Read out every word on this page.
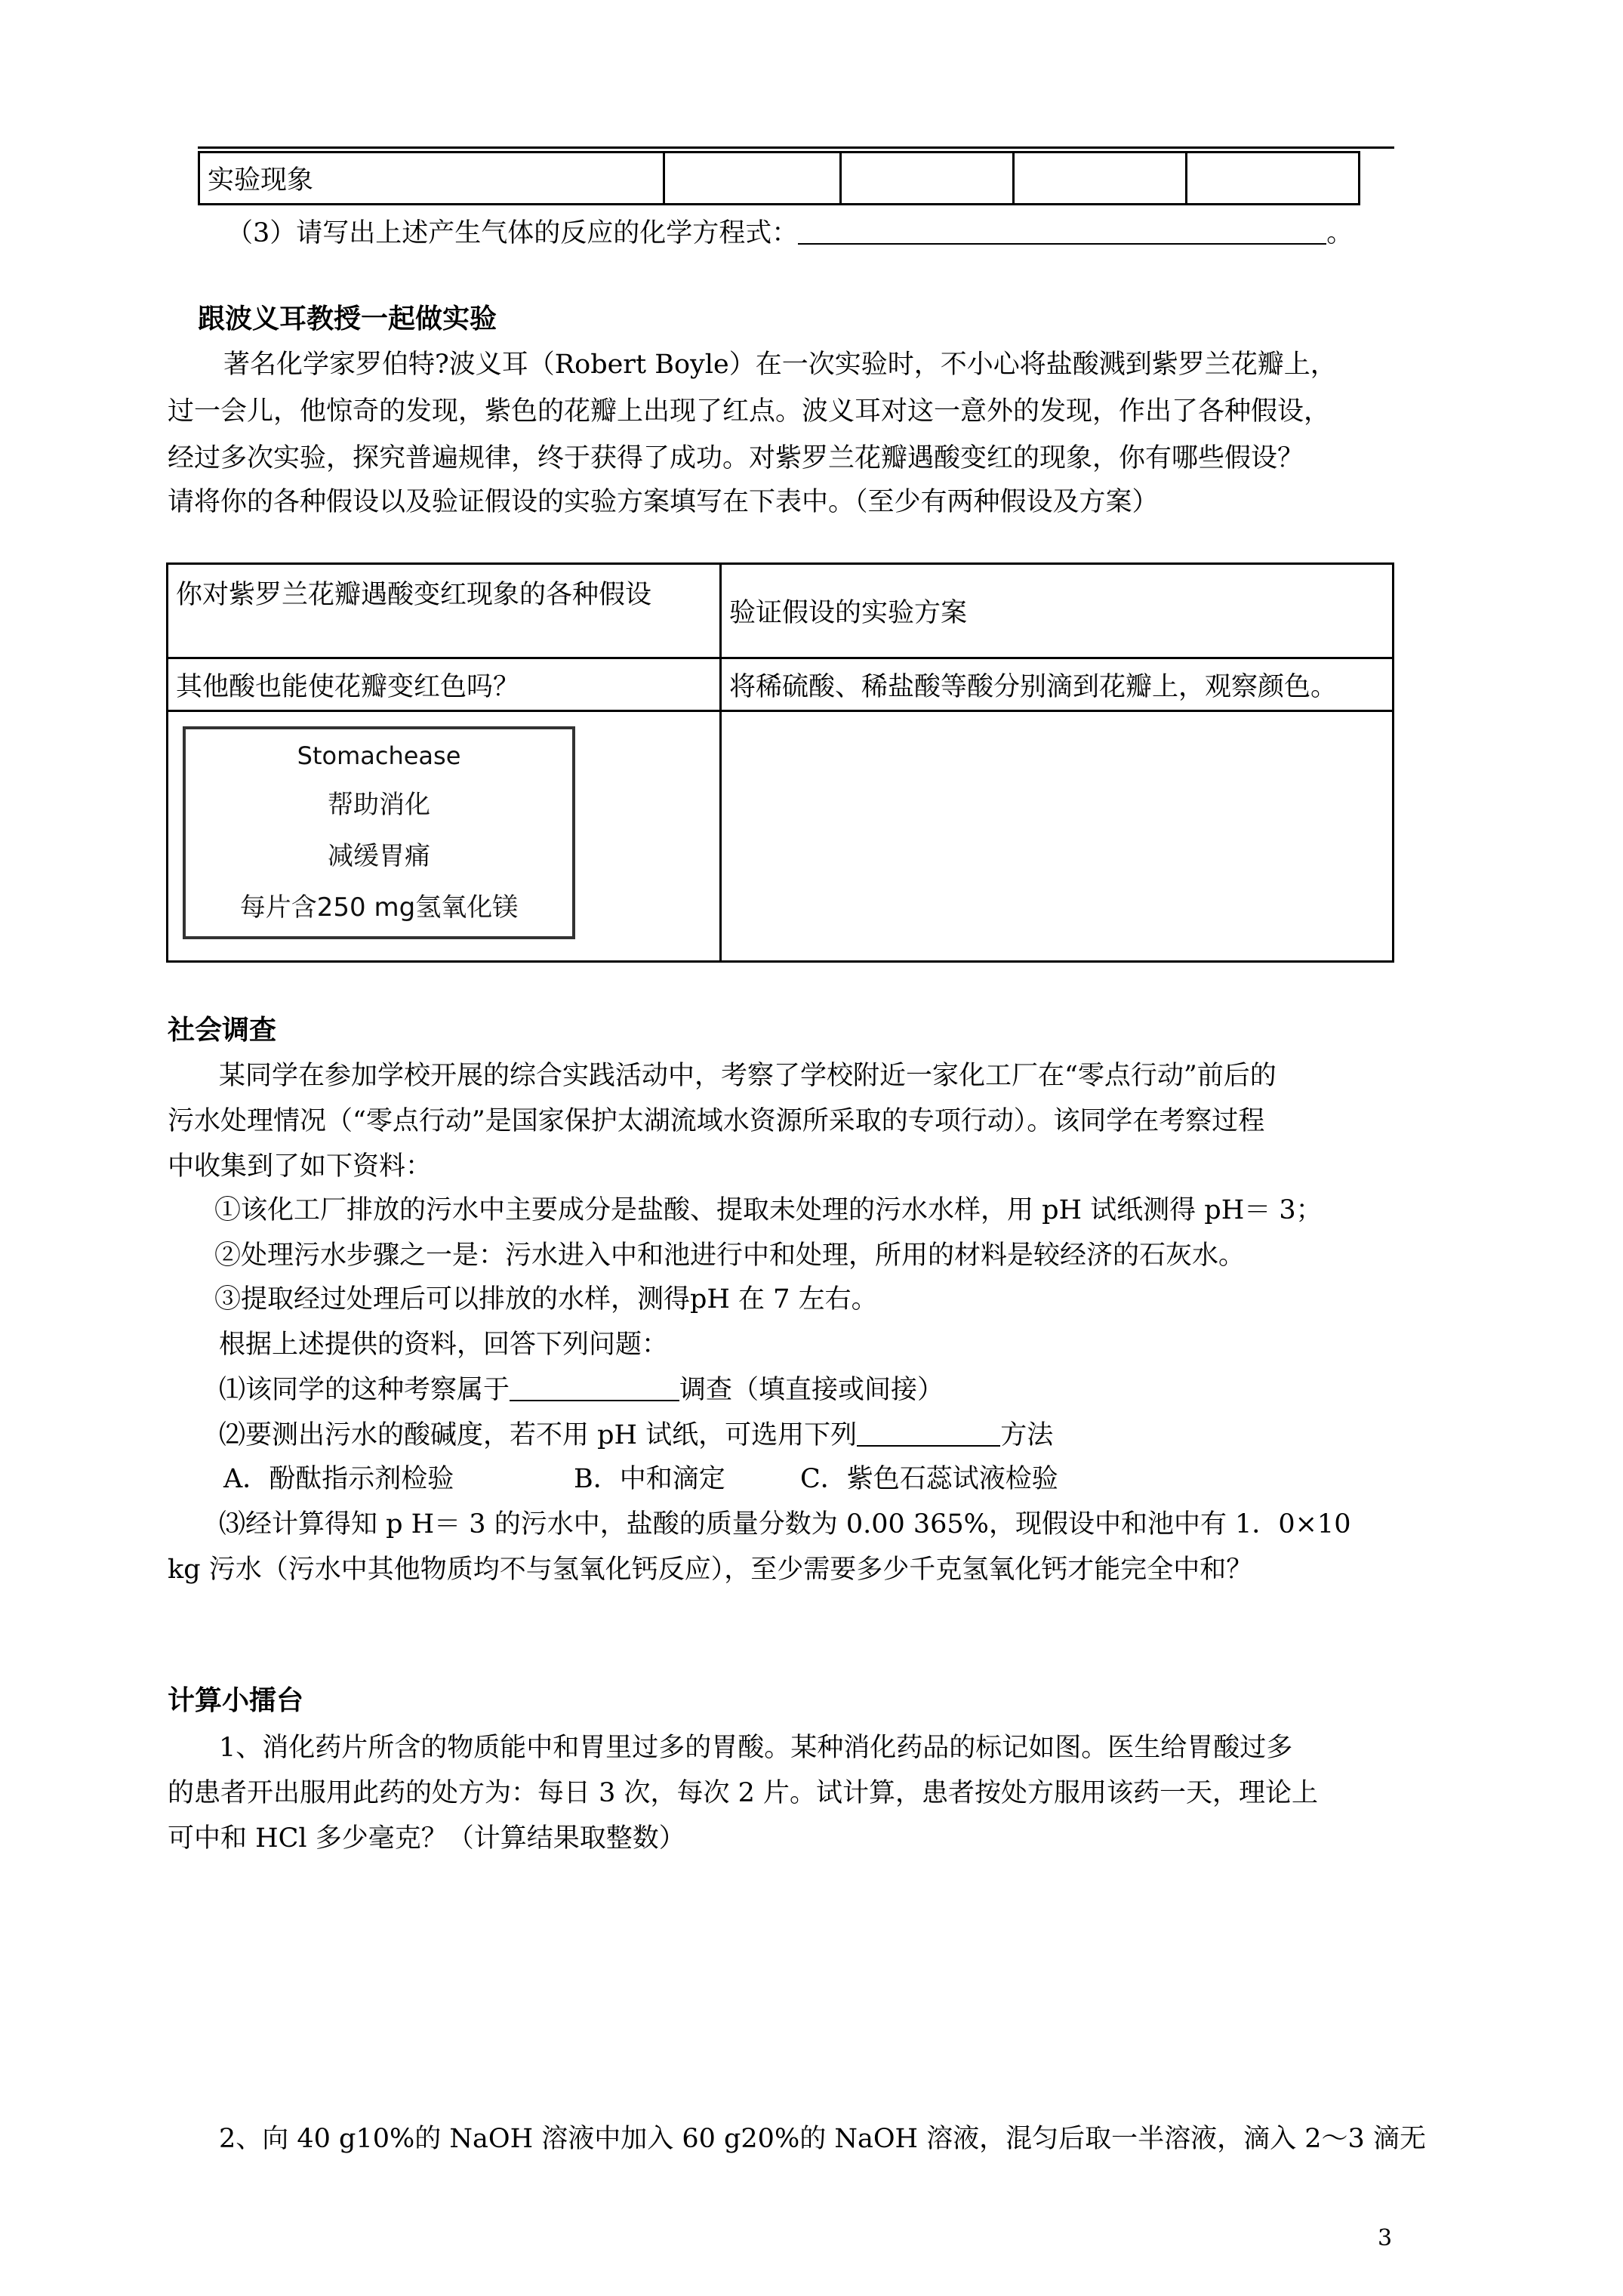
实验现象				
（3）请写出上述产生气体的反应的化学方程式：	。
跟波义耳教授一起做实验
著名化学家罗伯特?波义耳（Robert Boyle）在一次实验时，不小心将盐酸溅到紫罗兰花瓣上，
过一会儿，他惊奇的发现，紫色的花瓣上出现了红点。波义耳对这一意外的发现，作出了各种假设，
经过多次实验，探究普遍规律，终于获得了成功。对紫罗兰花瓣遇酸变红的现象，你有哪些假设？
请将你的各种假设以及验证假设的实验方案填写在下表中。（至少有两种假设及方案）
你对紫罗兰花瓣遇酸变红现象的各种假设	验证假设的实验方案
其他酸也能使花瓣变红色吗？	将稀硫酸、稀盐酸等酸分别滴到花瓣上，观察颜色。

Stomachease
帮助消化
减缓胃痛
每片含250 mg氢氧化镁
社会调查
某同学在参加学校开展的综合实践活动中，考察了学校附近一家化工厂在“零点行动”前后的
污水处理情况（“零点行动”是国家保护太湖流域水资源所采取的专项行动）。该同学在考察过程
中收集到了如下资料：
①该化工厂排放的污水中主要成分是盐酸、提取未处理的污水水样，用 pH 试纸测得 pH＝ 3；
②处理污水步骤之一是：污水进入中和池进行中和处理，所用的材料是较经济的石灰水。
③提取经过处理后可以排放的水样，测得pH 在 7 左右。
根据上述提供的资料，回答下列问题：
⑴该同学的这种考察属于	调查（填直接或间接）
⑵要测出污水的酸碱度，若不用 pH 试纸，可选用下列	方法
A．酚酞指示剂检验	B．中和滴定	C．紫色石蕊试液检验
⑶经计算得知 p H＝ 3 的污水中，盐酸的质量分数为 0.00 365%，现假设中和池中有 1．0×10
kg 污水（污水中其他物质均不与氢氧化钙反应），至少需要多少千克氢氧化钙才能完全中和？
计算小擂台
1、消化药片所含的物质能中和胃里过多的胃酸。某种消化药品的标记如图。医生给胃酸过多
的患者开出服用此药的处方为：每日 3 次，每次 2 片。试计算，患者按处方服用该药一天，理论上
可中和 HCl 多少毫克？（计算结果取整数）
2、向 40 g10%的 NaOH 溶液中加入 60 g20%的 NaOH 溶液，混匀后取一半溶液，滴入 2～3 滴无
3
